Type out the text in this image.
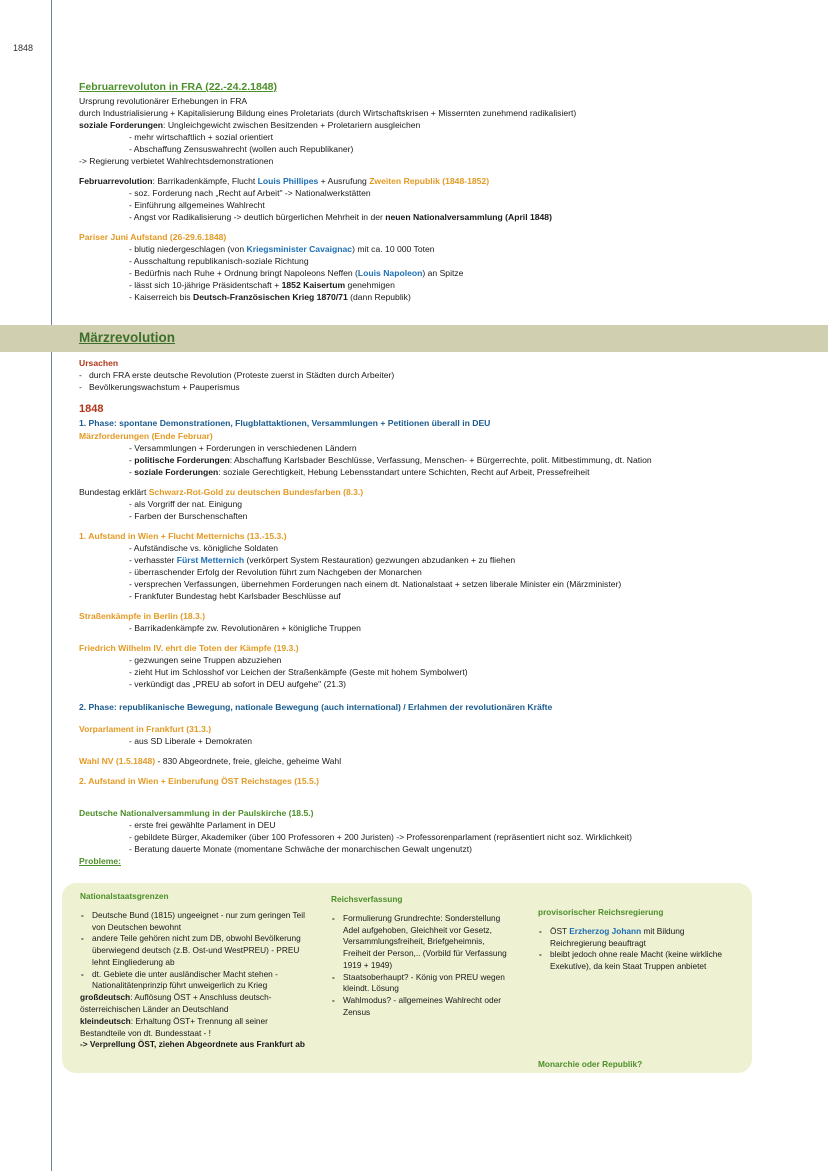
1848
Februarrevoluton in FRA (22.-24.2.1848)
Ursprung revolutionärer Erhebungen in FRA
durch Industrialisierung + Kapitalisierung Bildung eines Proletariats (durch Wirtschaftskrisen + Missernten zunehmend radikalisiert)
soziale Forderungen: Ungleichgewicht zwischen Besitzenden + Proletariern ausgleichen
- mehr wirtschaftlich + sozial orientiert
- Abschaffung Zensuswahrecht (wollen auch Republikaner)
-> Regierung verbietet Wahlrechtsdemonstrationen
Februarrevolution: Barrikadenkämpfe, Flucht Louis Phillipes + Ausrufung Zweiten Republik (1848-1852)
- soz. Forderung nach „Recht auf Arbeit" -> Nationalwerkstätten
- Einführung allgemeines Wahlrecht
- Angst vor Radikalisierung -> deutlich bürgerlichen Mehrheit in der neuen Nationalversammlung (April 1848)
Pariser Juni Aufstand (26-29.6.1848)
- blutig niedergeschlagen (von Kriegsminister Cavaignac) mit ca. 10 000 Toten
- Ausschaltung republikanisch-soziale Richtung
- Bedürfnis nach Ruhe + Ordnung bringt Napoleons Neffen (Louis Napoleon) an Spitze
- lässt sich 10-jährige Präsidentschaft + 1852 Kaisertum genehmigen
- Kaiserreich bis Deutsch-Französischen Krieg 1870/71 (dann Republik)
Märzrevolution
Ursachen
- durch FRA erste deutsche Revolution (Proteste zuerst in Städten durch Arbeiter)
- Bevölkerungswachstum + Pauperismus
1848
1. Phase: spontane Demonstrationen, Flugblattaktionen, Versammlungen + Petitionen überall in DEU
Märzforderungen (Ende Februar)
- Versammlungen + Forderungen in verschiedenen Ländern
- politische Forderungen: Abschaffung Karlsbader Beschlüsse, Verfassung, Menschen- + Bürgerrechte, polit. Mitbestimmung, dt. Nation
- soziale Forderungen: soziale Gerechtigkeit, Hebung Lebensstandart untere Schichten, Recht auf Arbeit, Pressefreiheit
Bundestag erklärt Schwarz-Rot-Gold zu deutschen Bundesfarben (8.3.)
- als Vorgriff der nat. Einigung
- Farben der Burschenschaften
1. Aufstand in Wien + Flucht Metternichs (13.-15.3.)
- Aufständische vs. königliche Soldaten
- verhasster Fürst Metternich (verkörpert System Restauration) gezwungen abzudanken + zu fliehen
- überraschender Erfolg der Revolution führt zum Nachgeben der Monarchen
- versprechen Verfassungen, übernehmen Forderungen nach einem dt. Nationalstaat + setzen liberale Minister ein (Märzminister)
- Frankfuter Bundestag hebt Karlsbader Beschlüsse auf
Straßenkämpfe in Berlin (18.3.)
- Barrikadenkämpfe zw. Revolutionären + königliche Truppen
Friedrich Wilhelm IV. ehrt die Toten der Kämpfe (19.3.)
- gezwungen seine Truppen abzuziehen
- zieht Hut im Schlosshof vor Leichen der Straßenkämpfe (Geste mit hohem Symbolwert)
- verkündigt das „PREU ab sofort in DEU aufgehe" (21.3)
2. Phase: republikanische Bewegung, nationale Bewegung (auch international) / Erlahmen der revolutionären Kräfte
Vorparlament in Frankfurt (31.3.)
- aus SD Liberale + Demokraten
Wahl NV (1.5.1848) - 830 Abgeordnete, freie, gleiche, geheime Wahl
2. Aufstand in Wien + Einberufung ÖST Reichstages (15.5.)
Deutsche Nationalversammlung in der Paulskirche (18.5.)
- erste frei gewählte Parlament in DEU
- gebildete Bürger, Akademiker (über 100 Professoren + 200 Juristen) -> Professorenparlament (repräsentiert nicht soz. Wirklichkeit)
- Beratung dauerte Monate (momentane Schwäche der monarchischen Gewalt ungenutzt)
Probleme:
Nationalstaatsgrenzen
- Deutsche Bund (1815) ungeeignet - nur zum geringen Teil von Deutschen bewohnt
- andere Teile gehören nicht zum DB, obwohl Bevölkerung überwiegend deutsch (z.B. Ost-und WestPREU) - PREU lehnt Eingliederung ab
- dt. Gebiete die unter ausländischer Macht stehen - Nationalitätenprinzip führt unweigerlich zu Krieg
großdeutsch: Auflösung ÖST + Anschluss deutsch-österreichischen Länder an Deutschland
kleindeutsch: Erhaltung ÖST+ Trennung all seiner Bestandteile von dt. Bundesstaat - !
-> Verprellung ÖST, ziehen Abgeordnete aus Frankfurt ab
Reichsverfassung
- Formulierung Grundrechte: Sonderstellung Adel aufgehoben, Gleichheit vor Gesetz, Versammlungsfreiheit, Briefgeheimnis, Freiheit der Person,.. (Vorbild für Verfassung 1919 + 1949)
- Staatsoberhaupt? - König von PREU wegen kleindt. Lösung
- Wahlmodus? - allgemeines Wahlrecht oder Zensus
provisorischer Reichsregierung
- ÖST Erzherzog Johann mit Bildung Reichregierung beauftragt
- bleibt jedoch ohne reale Macht (keine wirkliche Exekutive), da kein Staat Truppen anbietet
Monarchie oder Republik?
